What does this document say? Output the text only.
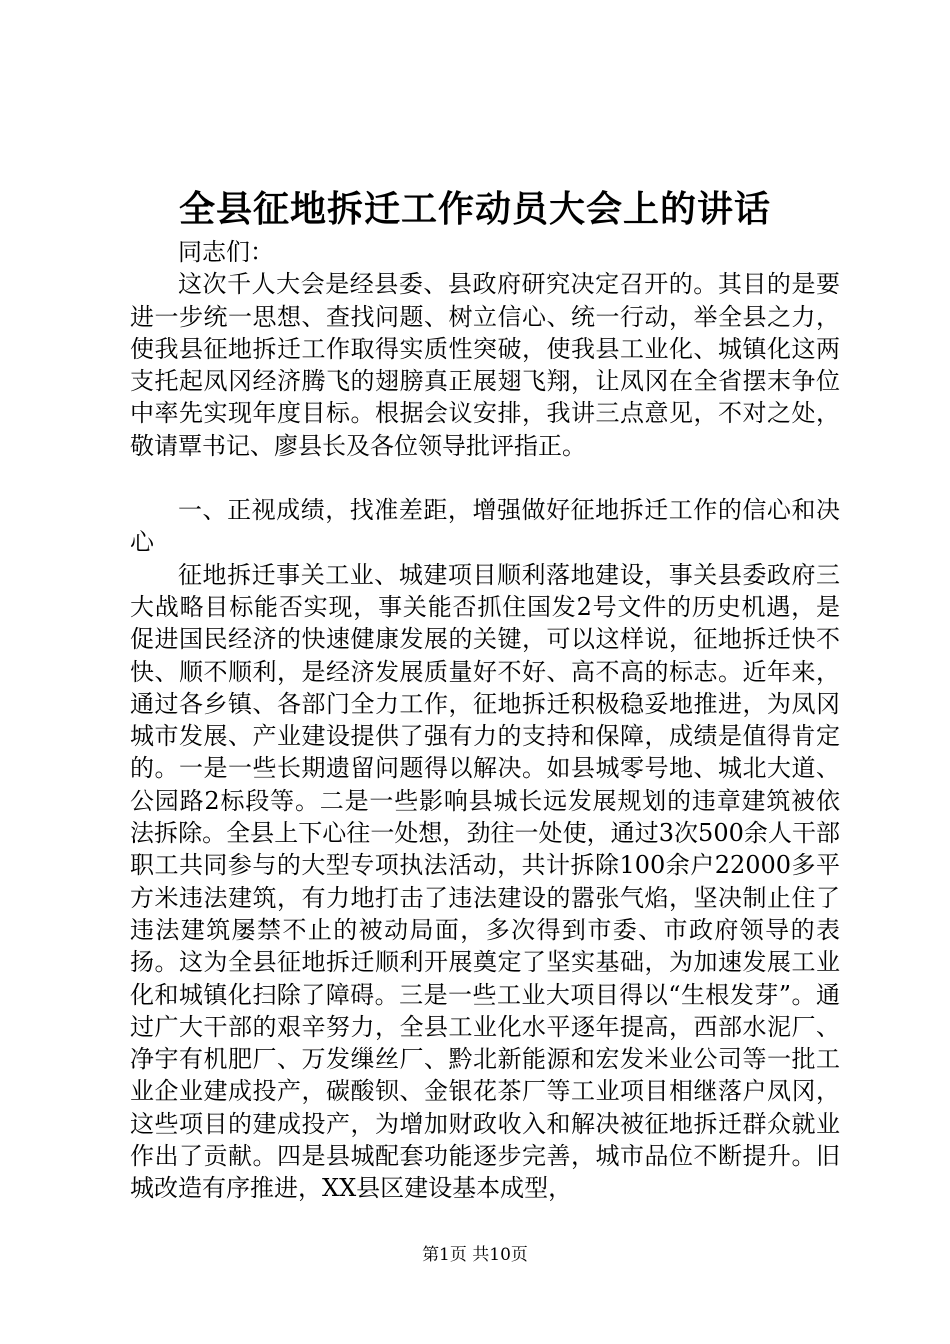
全县征地拆迁工作动员大会上的讲话

同志们：

这次千人大会是经县委、县政府研究决定召开的。其目的是要进一步统一思想、查找问题、树立信心、统一行动，举全县之力，使我县征地拆迁工作取得实质性突破，使我县工业化、城镇化这两支托起凤冈经济腾飞的翅膀真正展翅飞翔，让凤冈在全省摆末争位中率先实现年度目标。根据会议安排，我讲三点意见，不对之处，敬请覃书记、廖县长及各位领导批评指正。

一、正视成绩，找准差距，增强做好征地拆迁工作的信心和决心

征地拆迁事关工业、城建项目顺利落地建设，事关县委政府三大战略目标能否实现，事关能否抓住国发2号文件的历史机遇，是促进国民经济的快速健康发展的关键，可以这样说，征地拆迁快不快、顺不顺利，是经济发展质量好不好、高不高的标志。近年来，通过各乡镇、各部门全力工作，征地拆迁积极稳妥地推进，为凤冈城市发展、产业建设提供了强有力的支持和保障，成绩是值得肯定的。一是一些长期遗留问题得以解决。如县城零号地、城北大道、公园路2标段等。二是一些影响县城长远发展规划的违章建筑被依法拆除。全县上下心往一处想，劲往一处使，通过3次500余人干部职工共同参与的大型专项执法活动，共计拆除100余户22000多平方米违法建筑，有力地打击了违法建设的嚣张气焰，坚决制止住了违法建筑屡禁不止的被动局面，多次得到市委、市政府领导的表扬。这为全县征地拆迁顺利开展奠定了坚实基础，为加速发展工业化和城镇化扫除了障碍。三是一些工业大项目得以“生根发芽”。通过广大干部的艰辛努力，全县工业化水平逐年提高，西部水泥厂、净宇有机肥厂、万发缫丝厂、黔北新能源和宏发米业公司等一批工业企业建成投产，碳酸钡、金银花茶厂等工业项目相继落户凤冈，这些项目的建成投产，为增加财政收入和解决被征地拆迁群众就业作出了贡献。四是县城配套功能逐步完善，城市品位不断提升。旧城改造有序推进，XX县区建设基本成型，

第1页 共10页
